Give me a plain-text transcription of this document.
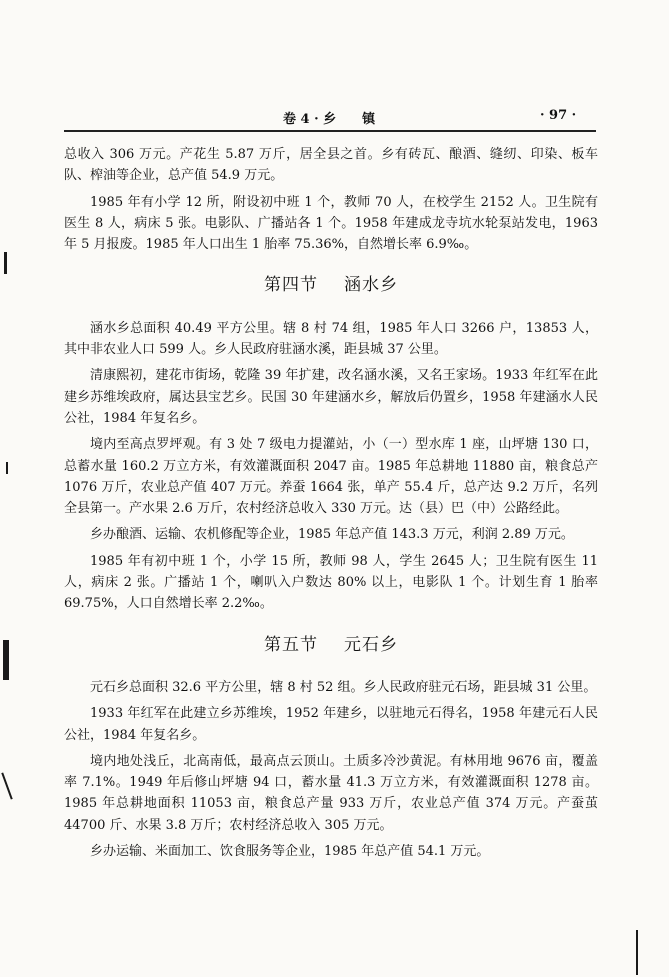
卷 4 · 乡　　镇	· 97 ·

总收入 306 万元。产花生 5.87 万斤，居全县之首。乡有砖瓦、酿酒、缝纫、印染、板车队、榨油等企业，总产值 54.9 万元。

1985 年有小学 12 所，附设初中班 1 个，教师 70 人，在校学生 2152 人。卫生院有医生 8 人，病床 5 张。电影队、广播站各 1 个。1958 年建成龙寺坑水轮泵站发电，1963 年 5 月报废。1985 年人口出生 1 胎率 75.36%，自然增长率 6.9‰。

第四节 涵水乡

涵水乡总面积 40.49 平方公里。辖 8 村 74 组，1985 年人口 3266 户，13853 人，其中非农业人口 599 人。乡人民政府驻涵水溪，距县城 37 公里。

清康熙初，建花市街场，乾隆 39 年扩建，改名涵水溪，又名王家场。1933 年红军在此建乡苏维埃政府，属达县宝艺乡。民国 30 年建涵水乡，解放后仍置乡，1958 年建涵水人民公社，1984 年复名乡。

境内至高点罗坪观。有 3 处 7 级电力提灌站，小（一）型水库 1 座，山坪塘 130 口，总蓄水量 160.2 万立方米，有效灌溉面积 2047 亩。1985 年总耕地 11880 亩，粮食总产 1076 万斤，农业总产值 407 万元。养蚕 1664 张，单产 55.4 斤，总产达 9.2 万斤，名列全县第一。产水果 2.6 万斤，农村经济总收入 330 万元。达（县）巴（中）公路经此。

乡办酿酒、运输、农机修配等企业，1985 年总产值 143.3 万元，利润 2.89 万元。

1985 年有初中班 1 个，小学 15 所，教师 98 人，学生 2645 人；卫生院有医生 11 人，病床 2 张。广播站 1 个，喇叭入户数达 80% 以上，电影队 1 个。计划生育 1 胎率 69.75%，人口自然增长率 2.2‰。

第五节 元石乡

元石乡总面积 32.6 平方公里，辖 8 村 52 组。乡人民政府驻元石场，距县城 31 公里。

1933 年红军在此建立乡苏维埃，1952 年建乡，以驻地元石得名，1958 年建元石人民公社，1984 年复名乡。

境内地处浅丘，北高南低，最高点云顶山。土质多冷沙黄泥。有林用地 9676 亩，覆盖率 7.1%。1949 年后修山坪塘 94 口，蓄水量 41.3 万立方米，有效灌溉面积 1278 亩。1985 年总耕地面积 11053 亩，粮食总产量 933 万斤，农业总产值 374 万元。产蚕茧 44700 斤、水果 3.8 万斤；农村经济总收入 305 万元。

乡办运输、米面加工、饮食服务等企业，1985 年总产值 54.1 万元。
